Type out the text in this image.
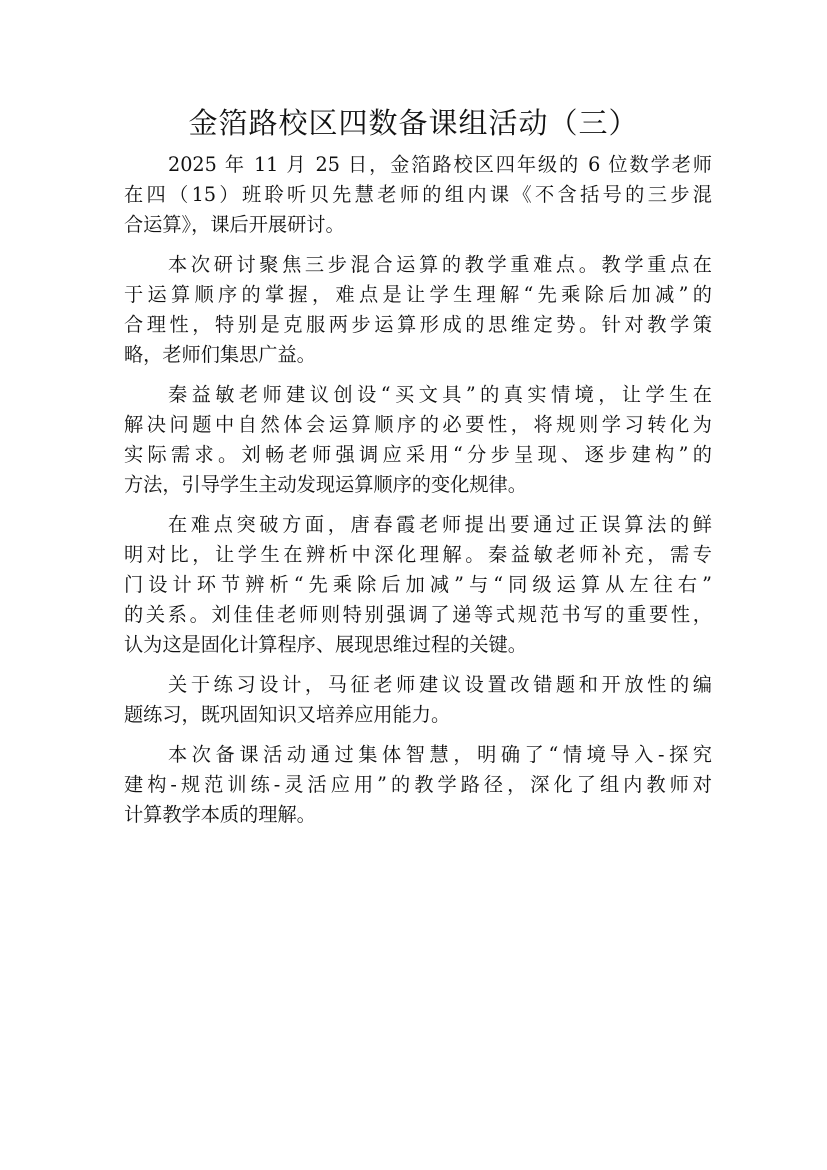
金箔路校区四数备课组活动（三）
2025 年 11 月 25 日，金箔路校区四年级的 6 位数学老师
在四（15）班聆听贝先慧老师的组内课《不含括号的三步混
合运算》，课后开展研讨。
本次研讨聚焦三步混合运算的教学重难点。教学重点在
于运算顺序的掌握，难点是让学生理解“先乘除后加减”的
合理性，特别是克服两步运算形成的思维定势。针对教学策
略，老师们集思广益。
秦益敏老师建议创设“买文具”的真实情境，让学生在
解决问题中自然体会运算顺序的必要性，将规则学习转化为
实际需求。刘畅老师强调应采用“分步呈现、逐步建构”的
方法，引导学生主动发现运算顺序的变化规律。
在难点突破方面，唐春霞老师提出要通过正误算法的鲜
明对比，让学生在辨析中深化理解。秦益敏老师补充，需专
门设计环节辨析“先乘除后加减”与“同级运算从左往右”
的关系。刘佳佳老师则特别强调了递等式规范书写的重要性，
认为这是固化计算程序、展现思维过程的关键。
关于练习设计，马征老师建议设置改错题和开放性的编
题练习，既巩固知识又培养应用能力。
本次备课活动通过集体智慧，明确了“情境导入-探究
建构-规范训练-灵活应用”的教学路径，深化了组内教师对
计算教学本质的理解。
